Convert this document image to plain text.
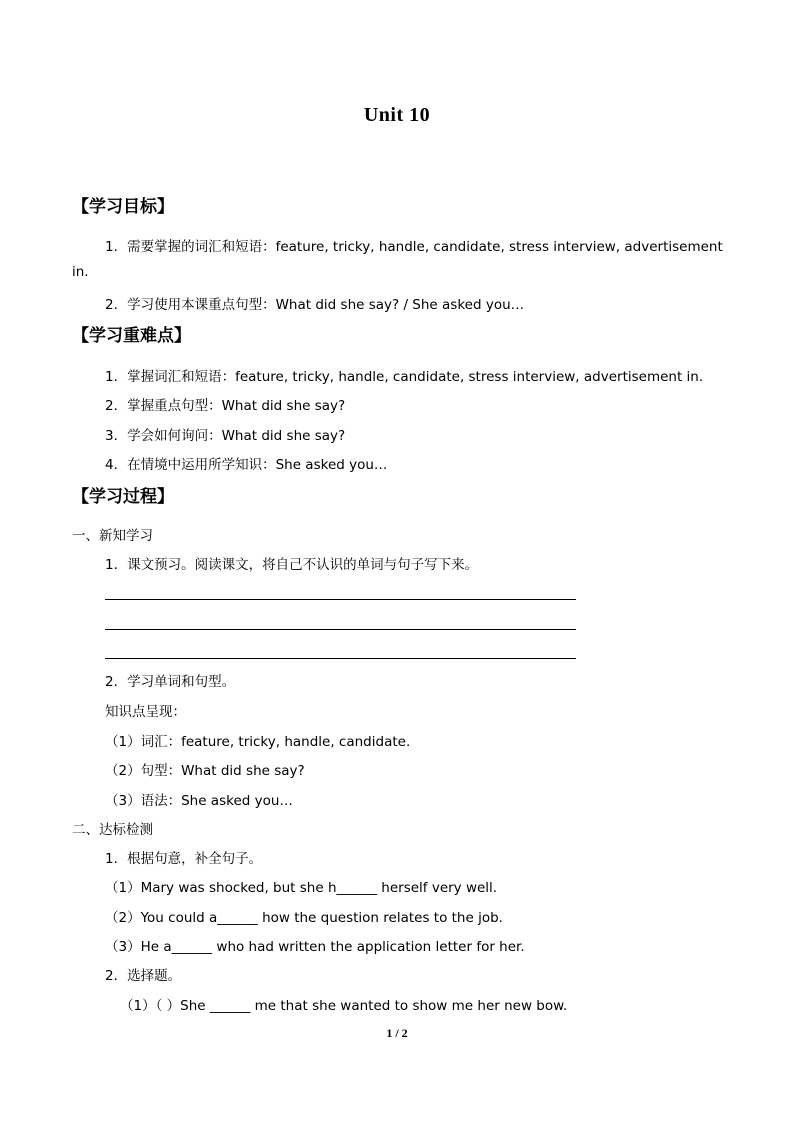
Unit 10
【学习目标】
1．需要掌握的词汇和短语：feature, tricky, handle, candidate, stress interview, advertisement
in.
2．学习使用本课重点句型：What did she say? / She asked you…
【学习重难点】
1．掌握词汇和短语：feature, tricky, handle, candidate, stress interview, advertisement in.
2．掌握重点句型：What did she say?
3．学会如何询问：What did she say?
4．在情境中运用所学知识：She asked you…
【学习过程】
一、新知学习
1．课文预习。阅读课文，将自己不认识的单词与句子写下来。
2．学习单词和句型。
知识点呈现：
（1）词汇：feature, tricky, handle, candidate.
（2）句型：What did she say?
（3）语法：She asked you…
二、达标检测
1．根据句意，补全句子。
（1）Mary was shocked, but she h______ herself very well.
（2）You could a______ how the question relates to the job.
（3）He a______ who had written the application letter for her.
2．选择题。
（1）（ ）She ______ me that she wanted to show me her new bow.
1 / 2
